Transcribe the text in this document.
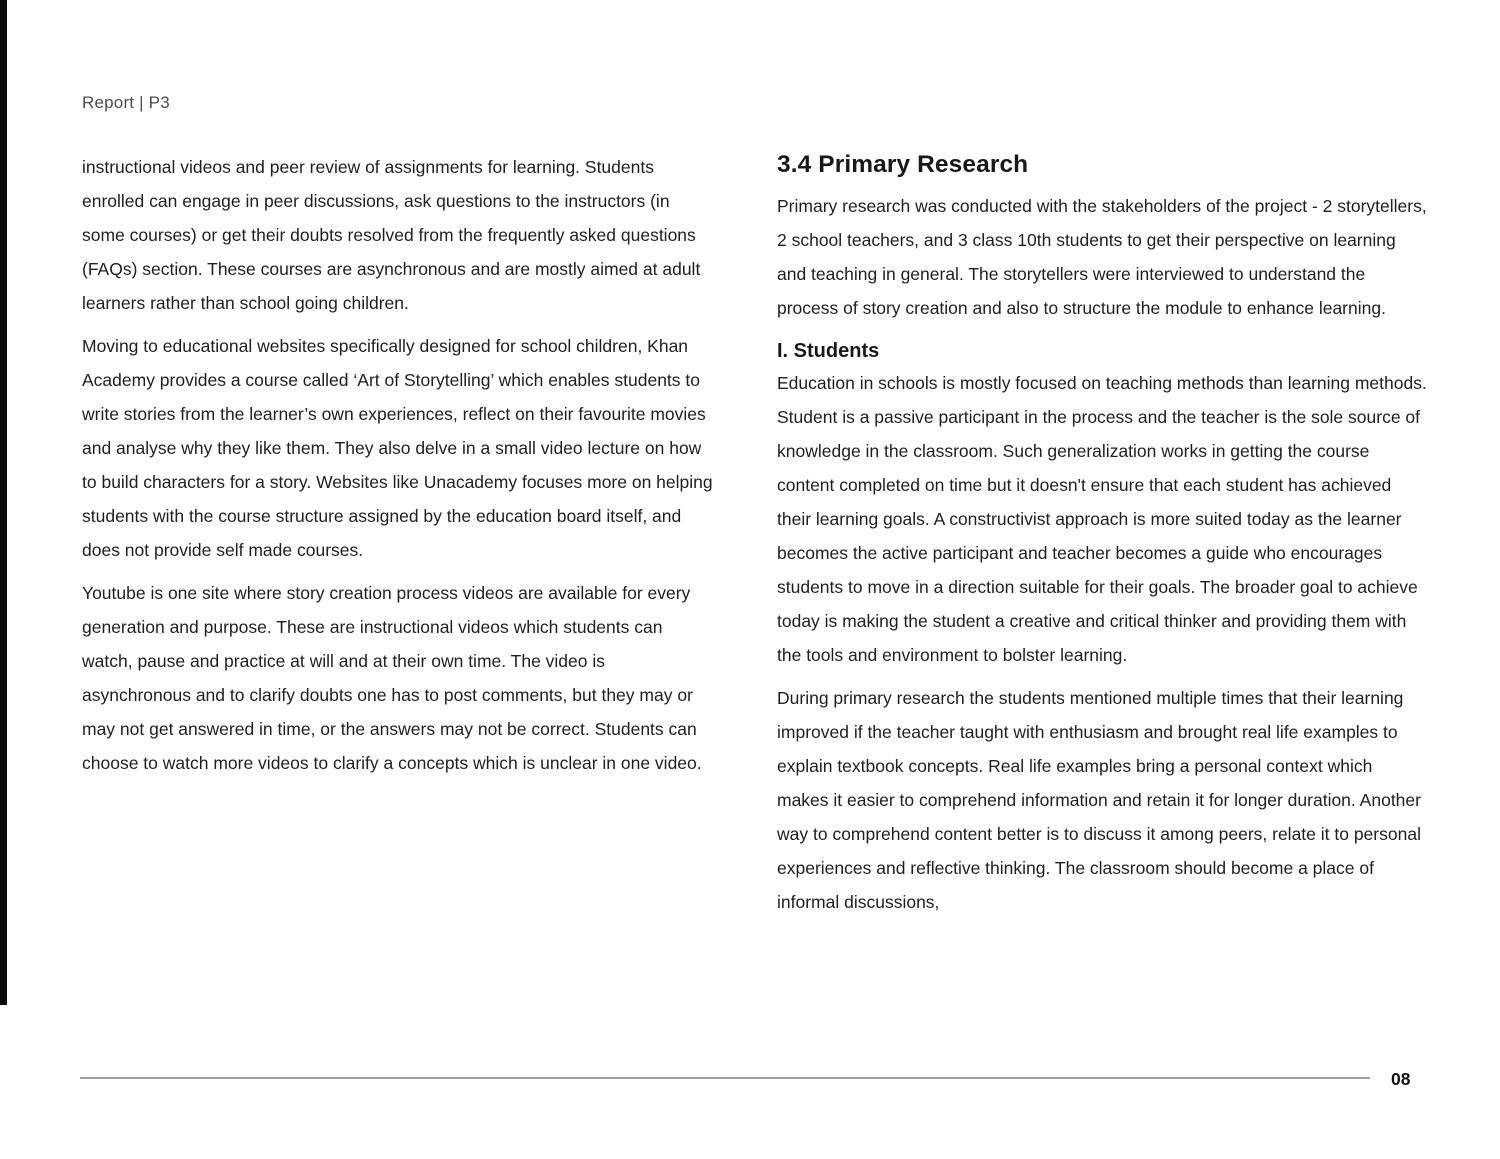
Report | P3

instructional videos and peer review of assignments for learning. Students enrolled can engage in peer discussions, ask questions to the instructors (in some courses) or get their doubts resolved from the frequently asked questions (FAQs) section. These courses are asynchronous and are mostly aimed at adult learners rather than school going children.

Moving to educational websites specifically designed for school children, Khan Academy provides a course called ‘Art of Storytelling’ which enables students to write stories from the learner’s own experiences, reflect on their favourite movies and analyse why they like them. They also delve in a small video lecture on how to build characters for a story. Websites like Unacademy focuses more on helping students with the course structure assigned by the education board itself, and does not provide self made courses.

Youtube is one site where story creation process videos are available for every generation and purpose. These are instructional videos which students can watch, pause and practice at will and at their own time. The video is asynchronous and to clarify doubts one has to post comments, but they may or may not get answered in time, or the answers may not be correct. Students can choose to watch more videos to clarify a concepts which is unclear in one video.

3.4 Primary Research

Primary research was conducted with the stakeholders of the project - 2 storytellers, 2 school teachers, and 3 class 10th students to get their perspective on learning and teaching in general. The storytellers were interviewed to understand the process of story creation and also to structure the module to enhance learning.

I. Students

Education in schools is mostly focused on teaching methods than learning methods. Student is a passive participant in the process and the teacher is the sole source of knowledge in the classroom. Such generalization works in getting the course content completed on time but it doesn't ensure that each student has achieved their learning goals. A constructivist approach is more suited today as the learner becomes the active participant and teacher becomes a guide who encourages students to move in a direction suitable for their goals. The broader goal to achieve today is making the student a creative and critical thinker and providing them with the tools and environment to bolster learning.

During primary research the students mentioned multiple times that their learning improved if the teacher taught with enthusiasm and brought real life examples to explain textbook concepts. Real life examples bring a personal context which makes it easier to comprehend information and retain it for longer duration. Another way to comprehend content better is to discuss it among peers, relate it to personal experiences and reflective thinking. The classroom should become a place of informal discussions,

08
